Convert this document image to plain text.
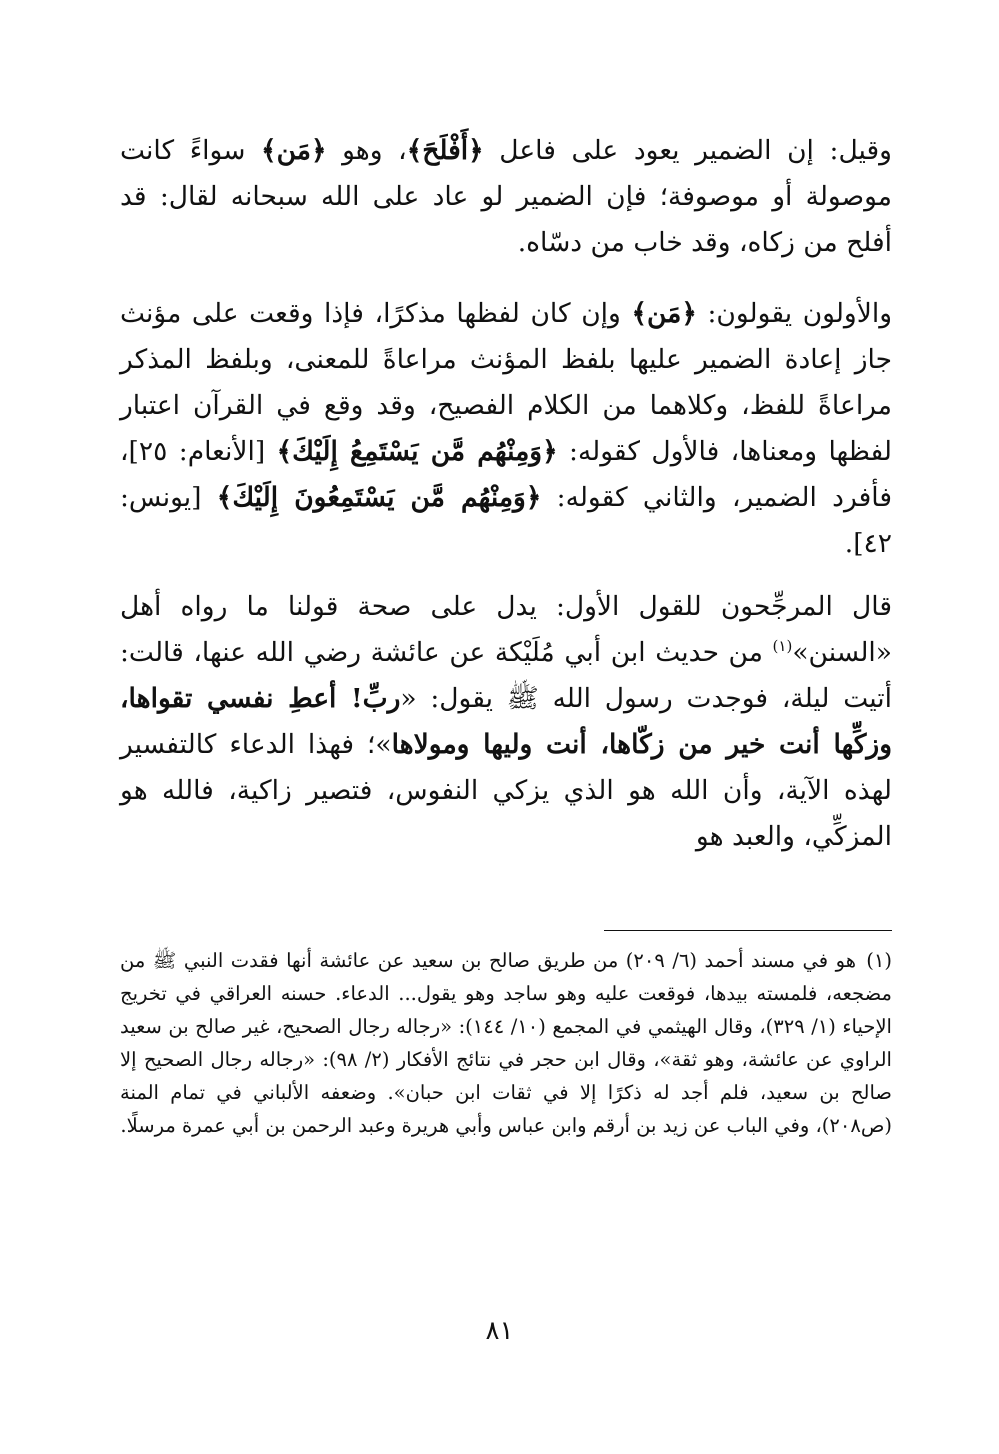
وقيل: إن الضمير يعود على فاعل ﴿أَفْلَحَ﴾، وهو ﴿مَن﴾ سواءً كانت موصولة أو موصوفة؛ فإن الضمير لو عاد على الله سبحانه لقال: قد أفلح من زكاه، وقد خاب من دسّاه.

والأولون يقولون: ﴿مَن﴾ وإن كان لفظها مذكرًا، فإذا وقعت على مؤنث جاز إعادة الضمير عليها بلفظ المؤنث مراعاةً للمعنى، وبلفظ المذكر مراعاةً للفظ، وكلاهما من الكلام الفصيح، وقد وقع في القرآن اعتبار لفظها ومعناها، فالأول كقوله: ﴿وَمِنْهُم مَّن يَسْتَمِعُ إِلَيْكَ﴾ [الأنعام: ٢٥]، فأفرد الضمير، والثاني كقوله: ﴿وَمِنْهُم مَّن يَسْتَمِعُونَ إِلَيْكَ﴾ [يونس: ٤٢].

قال المرجِّحون للقول الأول: يدل على صحة قولنا ما رواه أهل «السنن»$^{(١)}$ من حديث ابن أبي مُلَيْكة عن عائشة رضي الله عنها، قالت: أتيت ليلة، فوجدت رسول الله ﷺ يقول: «ربِّ! أعطِ نفسي تقواها، وزكِّها أنت خير من زكّاها، أنت وليها ومولاها»؛ فهذا الدعاء كالتفسير لهذه الآية، وأن الله هو الذي يزكي النفوس، فتصير زاكية، فالله هو المزكِّي، والعبد هو

(١)هو في مسند أحمد (٦/ ٢٠٩) من طريق صالح بن سعيد عن عائشة أنها فقدت النبي ﷺ من مضجعه، فلمسته بيدها، فوقعت عليه وهو ساجد وهو يقول... الدعاء. حسنه العراقي في تخريج الإحياء (١/ ٣٢٩)، وقال الهيثمي في المجمع (١٠/ ١٤٤): «رجاله رجال الصحيح، غير صالح بن سعيد الراوي عن عائشة، وهو ثقة»، وقال ابن حجر في نتائج الأفكار (٢/ ٩٨): «رجاله رجال الصحيح إلا صالح بن سعيد، فلم أجد له ذكرًا إلا في ثقات ابن حبان». وضعفه الألباني في تمام المنة (ص٢٠٨)، وفي الباب عن زيد بن أرقم وابن عباس وأبي هريرة وعبد الرحمن بن أبي عمرة مرسلًا.
٨١
